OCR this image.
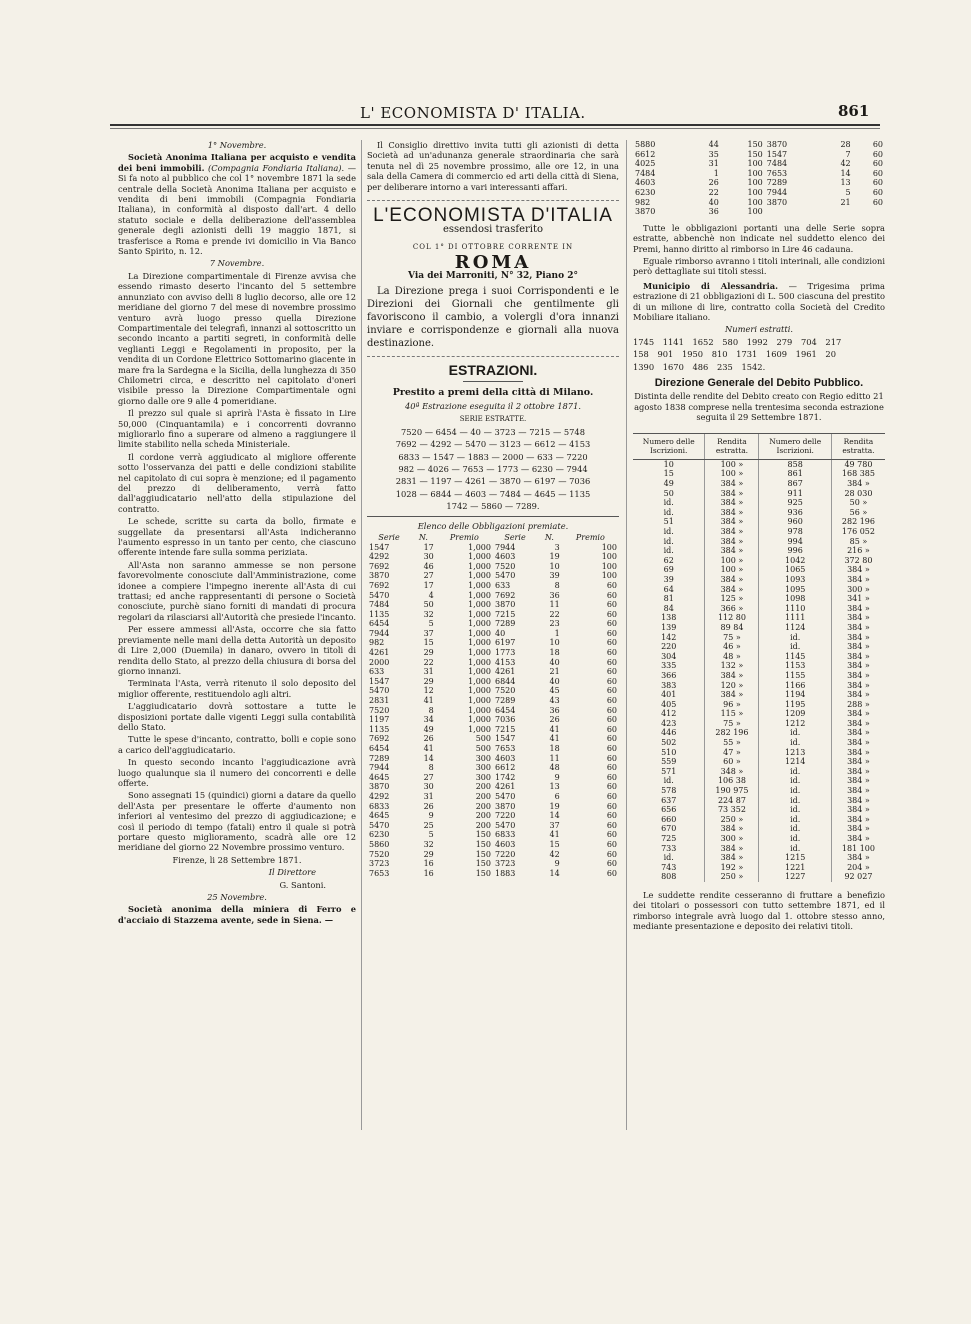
L' ECONOMISTA D' ITALIA.	861

1° Novembre.

Società Anonima Italiana per acquisto e vendita dei beni immobili. (Compagnia Fondiaria Italiana). — Si fa noto al pubblico che col 1° novembre 1871 la sede centrale della Società Anonima Italiana per acquisto e vendita di beni immobili (Compagnia Fondiaria Italiana), in conformità al disposto dall'art. 4 dello statuto sociale e della deliberazione dell'assemblea generale degli azionisti delli 19 maggio 1871, si trasferisce a Roma e prende ivi domicilio in Via Banco Santo Spirito, n. 12.

7 Novembre.

La Direzione compartimentale di Firenze avvisa che essendo rimasto deserto l'incanto del 5 settembre annunziato con avviso delli 8 luglio decorso, alle ore 12 meridiane del giorno 7 del mese di novembre prossimo venturo avrà luogo presso quella Direzione Compartimentale dei telegrafi, innanzi al sottoscritto un secondo incanto a partiti segreti, in conformità delle veglianti Leggi e Regolamenti in proposito, per la vendita di un Cordone Elettrico Sottomarino giacente in mare fra la Sardegna e la Sicilia, della lunghezza di 350 Chilometri circa, e descritto nel capitolato d'oneri visibile presso la Direzione Compartimentale ogni giorno dalle ore 9 alle 4 pomeridiane.

Il prezzo sul quale si aprirà l'Asta è fissato in Lire 50,000 (Cinquantamila) e i concorrenti dovranno migliorarlo fino a superare od almeno a raggiungere il limite stabilito nella scheda Ministeriale.

Il cordone verrà aggiudicato al migliore offerente sotto l'osservanza dei patti e delle condizioni stabilite nel capitolato di cui sopra è menzione; ed il pagamento del prezzo di deliberamento, verrà fatto dall'aggiudicatario nell'atto della stipulazione del contratto.

Le schede, scritte su carta da bollo, firmate e suggellate da presentarsi all'Asta indicheranno l'aumento espresso in un tanto per cento, che ciascuno offerente intende fare sulla somma periziata.

All'Asta non saranno ammesse se non persone favorevolmente conosciute dall'Amministrazione, come idonee a compiere l'impegno inerente all'Asta di cui trattasi; ed anche rappresentanti di persone o Società conosciute, purchè siano forniti di mandati di procura regolari da rilasciarsi all'Autorità che presiede l'incanto.

Per essere ammessi all'Asta, occorre che sia fatto previamente nelle mani della detta Autorità un deposito di Lire 2,000 (Duemila) in danaro, ovvero in titoli di rendita dello Stato, al prezzo della chiusura di borsa del giorno innanzi.

Terminata l'Asta, verrà ritenuto il solo deposito del miglior offerente, restituendolo agli altri.

L'aggiudicatario dovrà sottostare a tutte le disposizioni portate dalle vigenti Leggi sulla contabilità dello Stato.

Tutte le spese d'incanto, contratto, bolli e copie sono a carico dell'aggiudicatario.

In questo secondo incanto l'aggiudicazione avrà luogo qualunque sia il numero dei concorrenti e delle offerte.

Sono assegnati 15 (quindici) giorni a datare da quello dell'Asta per presentare le offerte d'aumento non inferiori al ventesimo del prezzo di aggiudicazione; e così il periodo di tempo (fatali) entro il quale si potrà portare questo miglioramento, scadrà alle ore 12 meridiane del giorno 22 Novembre prossimo venturo.

Firenze, li 28 Settembre 1871.

Il Direttore

G. Santoni.

25 Novembre.

Società anonima della miniera di Ferro e d'acciaio di Stazzema avente, sede in Siena. —

Il Consiglio direttivo invita tutti gli azionisti di detta Società ad un'adunanza generale straordinaria che sarà tenuta nel dì 25 novembre prossimo, alle ore 12, in una sala della Camera di commercio ed arti della città di Siena, per deliberare intorno a vari interessanti affari.

L'ECONOMISTA D'ITALIA
essendosi trasferito
COL 1° DI OTTOBRE CORRENTE IN
ROMA
Via dei Marroniti, N° 32, Piano 2°
La Direzione prega i suoi Corrispondenti e le Direzioni dei Giornali che gentilmente gli favoriscono il cambio, a volergli d'ora innanzi inviare e corrispondenze e giornali alla nuova destinazione.
ESTRAZIONI.

Prestito a premi della città di Milano.

40ª Estrazione eseguita il 2 ottobre 1871.

SERIE ESTRATTE.

7520 — 6454 — 40 — 3723 — 7215 — 5748

7692 — 4292 — 5470 — 3123 — 6612 — 4153

6833 — 1547 — 1883 — 2000 — 633 — 7220

982 — 4026 — 7653 — 1773 — 6230 — 7944

2831 — 1197 — 4261 — 3870 — 6197 — 7036

1028 — 6844 — 4603 — 7484 — 4645 — 1135

1742 — 5860 — 7289.

Elenco delle Obbligazioni premiate.

Serie	N.	Premio	Serie	N.	Premio
1547	17	1,000	7944	3	100
4292	30	1,000	4603	19	100
7692	46	1,000	7520	10	100
3870	27	1,000	5470	39	100
7692	17	1,000	633	8	60
5470	4	1,000	7692	36	60
7484	50	1,000	3870	11	60
1135	32	1,000	7215	22	60
6454	5	1,000	7289	23	60
7944	37	1,000	40	1	60
982	15	1,000	6197	10	60
4261	29	1,000	1773	18	60
2000	22	1,000	4153	40	60
633	31	1,000	4261	21	60
1547	29	1,000	6844	40	60
5470	12	1,000	7520	45	60
2831	41	1,000	7289	43	60
7520	8	1,000	6454	36	60
1197	34	1,000	7036	26	60
1135	49	1,000	7215	41	60
7692	26	500	1547	41	60
6454	41	500	7653	18	60
7289	14	300	4603	11	60
7944	8	300	6612	48	60
4645	27	300	1742	9	60
3870	30	200	4261	13	60
4292	31	200	5470	6	60
6833	26	200	3870	19	60
4645	9	200	7220	14	60
5470	25	200	5470	37	60
6230	5	150	6833	41	60
5860	32	150	4603	15	60
7520	29	150	7220	42	60
3723	16	150	3723	9	60
7653	16	150	1883	14	60
5880	44	150	3870	28	60
6612	35	150	1547	7	60
4025	31	100	7484	42	60
7484	1	100	7653	14	60
4603	26	100	7289	13	60
6230	22	100	7944	5	60
982	40	100	3870	21	60
3870	36	100			

Tutte le obbligazioni portanti una delle Serie sopra estratte, abbenchè non indicate nel suddetto elenco dei Premi, hanno diritto al rimborso in Lire 46 cadauna.

Eguale rimborso avranno i titoli interinali, alle condizioni però dettagliate sui titoli stessi.

Municipio di Alessandria. — Trigesima prima estrazione di 21 obbligazioni di L. 500 ciascuna del prestito di un milione di lire, contratto colla Società del Credito Mobiliare italiano.

Numeri estratti.

1745 1141 1652 580 1992 279 704 217

158 901 1950 810 1731 1609 1961 20

1390 1670 486 235 1542.

Direzione Generale del Debito Pubblico.

Distinta delle rendite del Debito creato con Regio editto 21 agosto 1838 comprese nella trentesima seconda estrazione seguita il 29 Settembre 1871.

Numero delle Iscrizioni.	Rendita estratta.	Numero delle Iscrizioni.	Rendita estratta.
10	100 »	858	49 780
15	100 »	861	168 385
49	384 »	867	384 »
50	384 »	911	28 030
id.	384 »	925	50 »
id.	384 »	936	56 »
51	384 »	960	282 196
id.	384 »	978	176 052
id.	384 »	994	85 »
id.	384 »	996	216 »
62	100 »	1042	372 80
69	100 »	1065	384 »
39	384 »	1093	384 »
64	384 »	1095	300 »
81	125 »	1098	341 »
84	366 »	1110	384 »
138	112 80	1111	384 »
139	89 84	1124	384 »
142	75 »	id.	384 »
220	46 »	id.	384 »
304	48 »	1145	384 »
335	132 »	1153	384 »
366	384 »	1155	384 »
383	120 »	1166	384 »
401	384 »	1194	384 »
405	96 »	1195	288 »
412	115 »	1209	384 »
423	75 »	1212	384 »
446	282 196	id.	384 »
502	55 »	id.	384 »
510	47 »	1213	384 »
559	60 »	1214	384 »
571	348 »	id.	384 »
id.	106 38	id.	384 »
578	190 975	id.	384 »
637	224 87	id.	384 »
656	73 352	id.	384 »
660	250 »	id.	384 »
670	384 »	id.	384 »
725	300 »	id.	384 »
733	384 »	id.	181 100
id.	384 »	1215	384 »
743	192 »	1221	204 »
808	250 »	1227	92 027

Le suddette rendite cesseranno di fruttare a benefizio dei titolari o possessori con tutto settembre 1871, ed il rimborso integrale avrà luogo dal 1. ottobre stesso anno, mediante presentazione e deposito dei relativi titoli.
